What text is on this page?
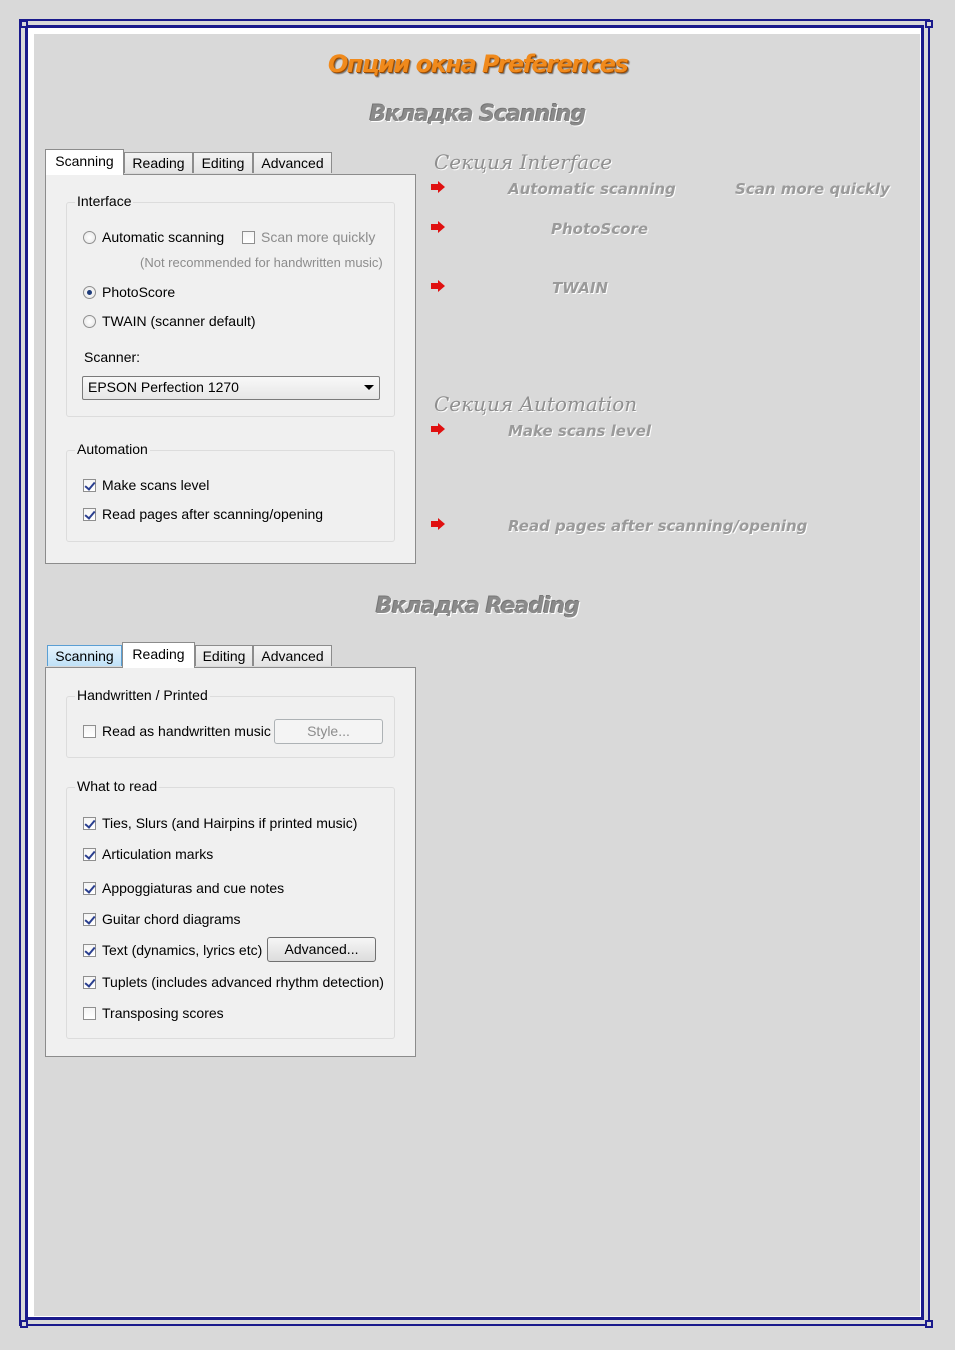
Опции окна Preferences
Вкладка Scanning
Вкладка Reading
Секция Interface
Automatic scanning	Scan more quickly
PhotoScore
TWAIN
Секция Automation
Make scans level
Read pages after scanning/opening
Scanning	Reading	Editing	Advanced
Interface
Automatic scanning	Scan more quickly
(Not recommended for handwritten music)
PhotoScore
TWAIN (scanner default)
Scanner:
EPSON Perfection 1270
Automation
Make scans level
Read pages after scanning/opening
Scanning	Reading	Editing	Advanced
Handwritten / Printed
Read as handwritten music	Style...
What to read
Ties, Slurs (and Hairpins if printed music)
Articulation marks
Appoggiaturas and cue notes
Guitar chord diagrams
Text (dynamics, lyrics etc)	Advanced...
Tuplets (includes advanced rhythm detection)
Transposing scores
